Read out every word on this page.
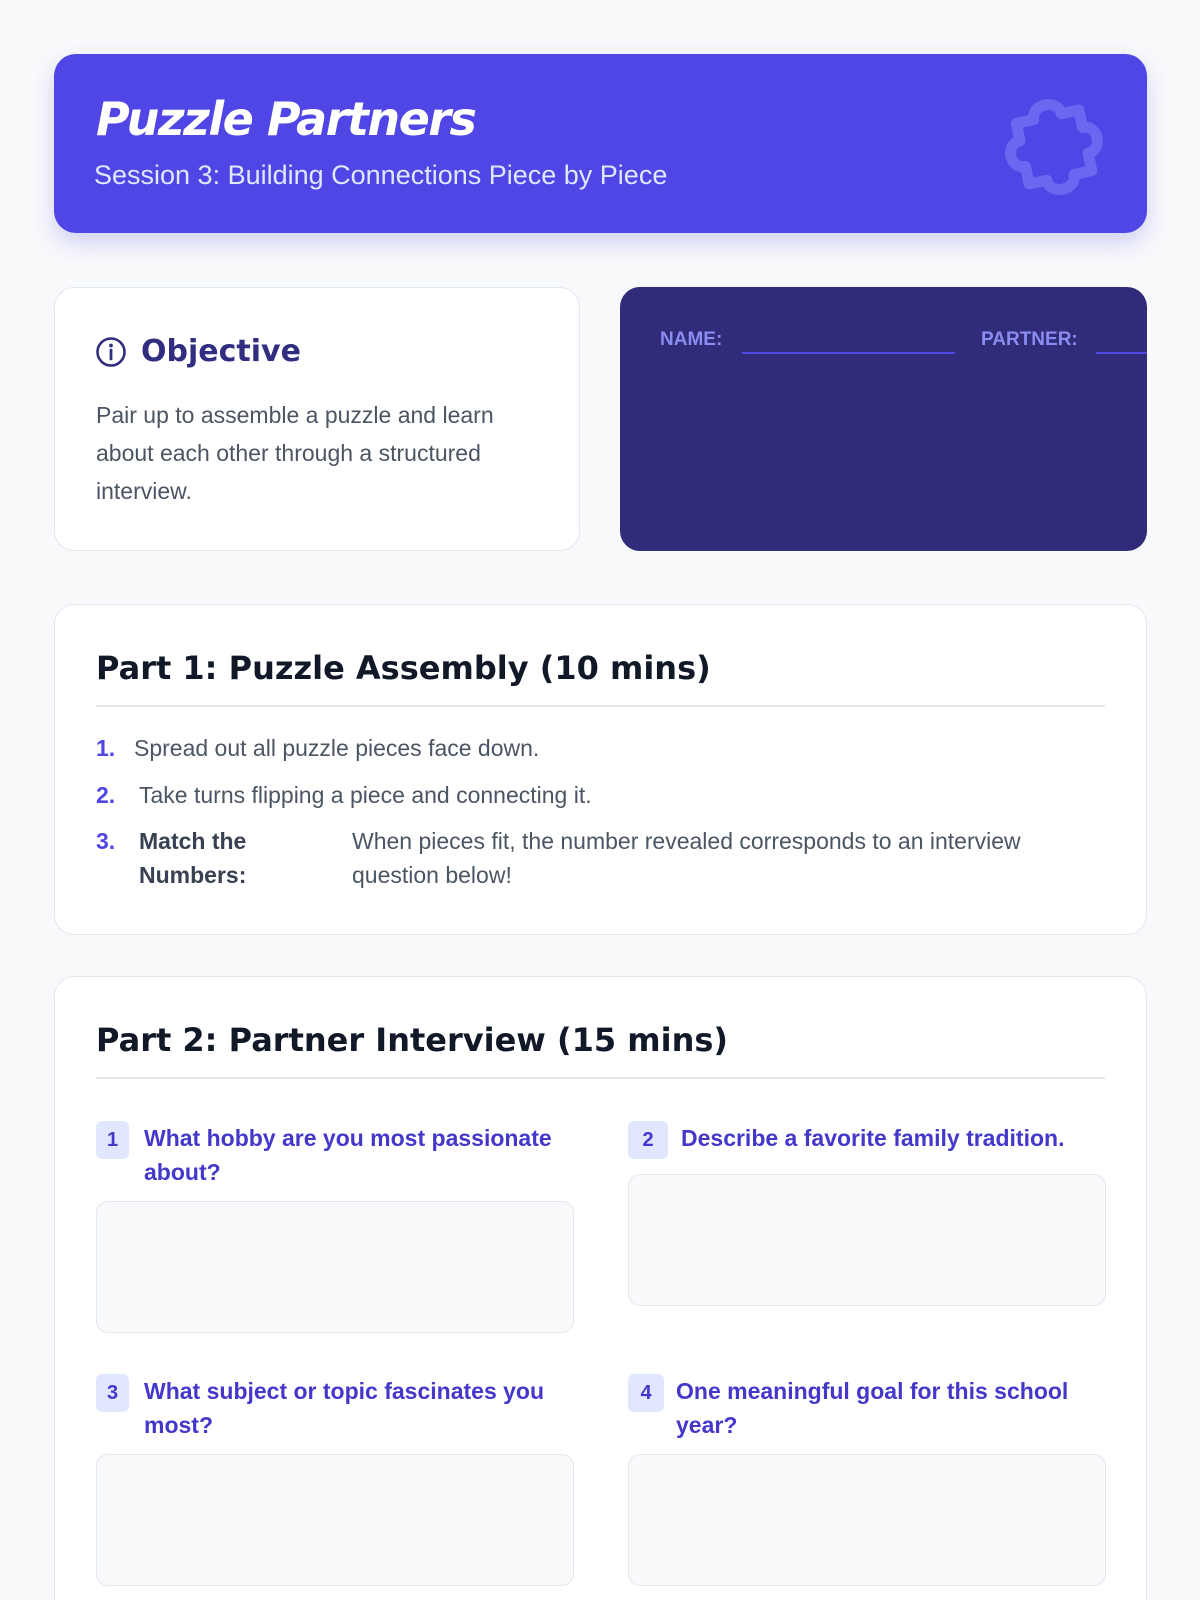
Puzzle Partners
Session 3: Building Connections Piece by Piece
Objective
Pair up to assemble a puzzle and learn about each other through a structured interview.
NAME:	PARTNER:
Part 1: Puzzle Assembly (10 mins)
1. Spread out all puzzle pieces face down.
2.	Take turns flipping a piece and connecting it.
3.	Match the Numbers:
When pieces fit, the number revealed corresponds to an interview question below!
Part 2: Partner Interview (15 mins)
1	What hobby are you most passionate about?
2	Describe a favorite family tradition.
3	What subject or topic fascinates you most?
4	One meaningful goal for this school year?
